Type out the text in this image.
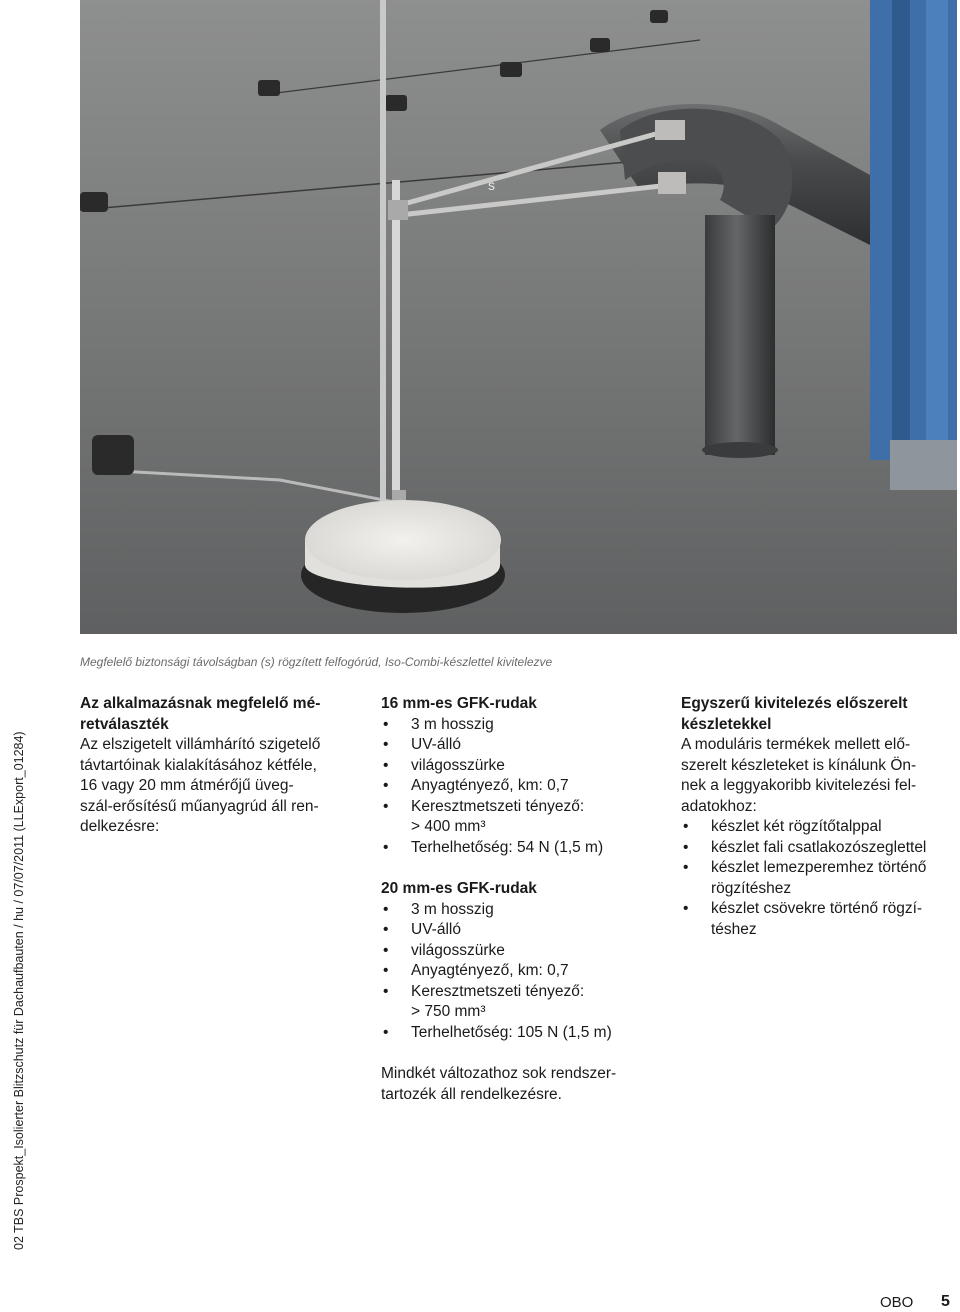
02 TBS Prospekt_Isolierter Blitzschutz für Dachaufbauten / hu / 07/07/2011 (LLExport_01284)
s
Megfelelő biztonsági távolságban (s) rögzített felfogórúd, Iso-Combi-készlettel kivitelezve
Az alkalmazásnak megfelelő mé-
retválaszték
Az elszigetelt villámhárító szigetelő
távtartóinak kialakításához kétféle,
16 vagy 20 mm átmérőjű üveg-
szál-erősítésű műanyagrúd áll ren-
delkezésre:
16 mm-es GFK-rudak
• 3 m hosszig
• UV-álló
• világosszürke
• Anyagtényező, km: 0,7
• Keresztmetszeti tényező:
> 400 mm³
• Terhelhetőség: 54 N (1,5 m)
20 mm-es GFK-rudak
• 3 m hosszig
• UV-álló
• világosszürke
• Anyagtényező, km: 0,7
• Keresztmetszeti tényező:
> 750 mm³
• Terhelhetőség: 105 N (1,5 m)
Mindkét változathoz sok rendszer-
tartozék áll rendelkezésre.
Egyszerű kivitelezés előszerelt
készletekkel
A moduláris termékek mellett elő-
szerelt készleteket is kínálunk Ön-
nek a leggyakoribb kivitelezési fel-
adatokhoz:
• készlet két rögzítőtalppal
• készlet fali csatlakozószeglettel
• készlet lemezperemhez történő
rögzítéshez
• készlet csövekre történő rögzí-
téshez
OBO 5
